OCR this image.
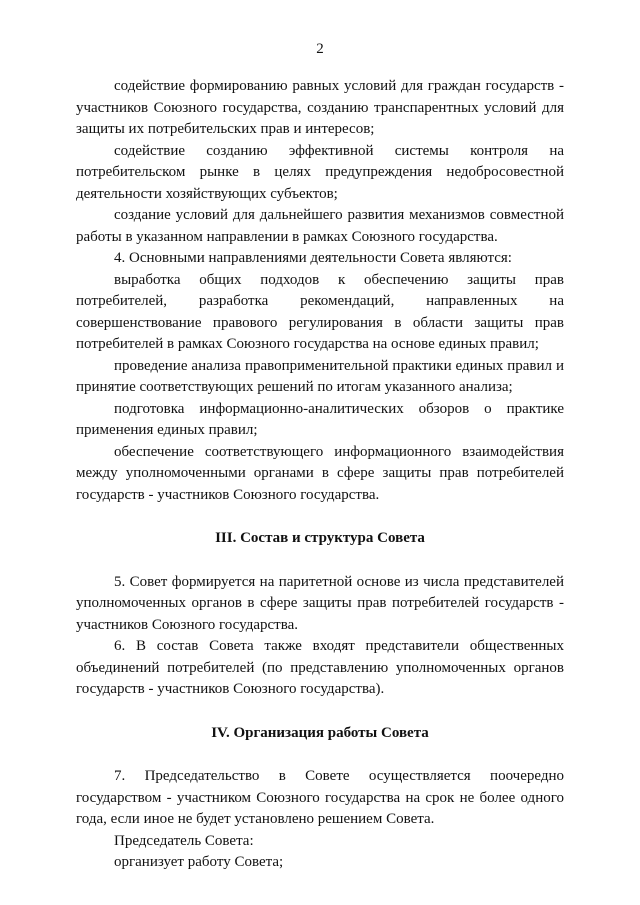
2

содействие формированию равных условий для граждан государств - участников Союзного государства, созданию транспарентных условий для защиты их потребительских прав и интересов;

содействие созданию эффективной системы контроля на потребительском рынке в целях предупреждения недобросовестной деятельности хозяйствующих субъектов;

создание условий для дальнейшего развития механизмов совместной работы в указанном направлении в рамках Союзного государства.

4. Основными направлениями деятельности Совета являются:

выработка общих подходов к обеспечению защиты прав потребителей, разработка рекомендаций, направленных на совершенствование правового регулирования в области защиты прав потребителей в рамках Союзного государства на основе единых правил;

проведение анализа правоприменительной практики единых правил и принятие соответствующих решений по итогам указанного анализа;

подготовка информационно-аналитических обзоров о практике применения единых правил;

обеспечение соответствующего информационного взаимодействия между уполномоченными органами в сфере защиты прав потребителей государств - участников Союзного государства.

III. Состав и структура Совета

5. Совет формируется на паритетной основе из числа представителей уполномоченных органов в сфере защиты прав потребителей государств - участников Союзного государства.

6. В состав Совета также входят представители общественных объединений потребителей (по представлению уполномоченных органов государств - участников Союзного государства).

IV. Организация работы Совета

7. Председательство в Совете осуществляется поочередно государством - участником Союзного государства на срок не более одного года, если иное не будет установлено решением Совета.

Председатель Совета:

организует работу Совета;
